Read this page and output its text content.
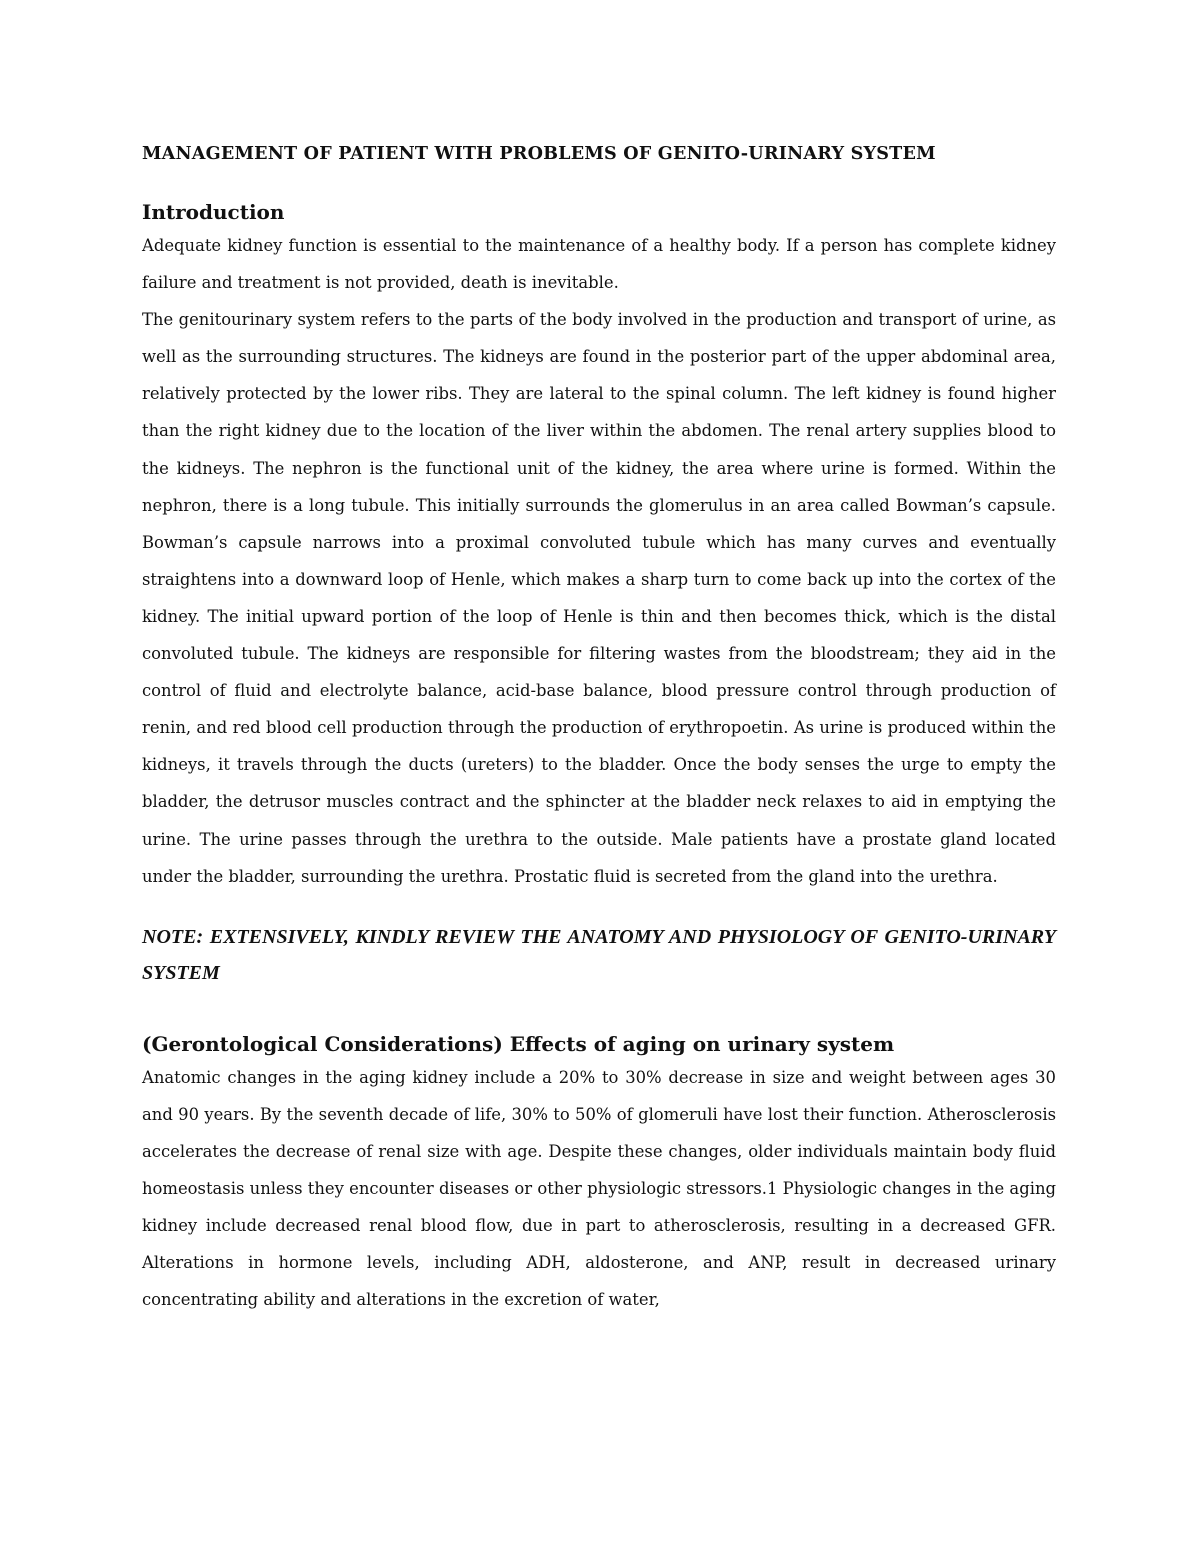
MANAGEMENT OF PATIENT WITH PROBLEMS OF GENITO-URINARY SYSTEM
Introduction

Adequate kidney function is essential to the maintenance of a healthy body. If a person has complete kidney failure and treatment is not provided, death is inevitable.

The genitourinary system refers to the parts of the body involved in the production and transport of urine, as well as the surrounding structures. The kidneys are found in the posterior part of the upper abdominal area, relatively protected by the lower ribs. They are lateral to the spinal column. The left kidney is found higher than the right kidney due to the location of the liver within the abdomen. The renal artery supplies blood to the kidneys. The nephron is the functional unit of the kidney, the area where urine is formed. Within the nephron, there is a long tubule. This initially surrounds the glomerulus in an area called Bowman’s capsule. Bowman’s capsule narrows into a proximal convoluted tubule which has many curves and eventually straightens into a downward loop of Henle, which makes a sharp turn to come back up into the cortex of the kidney. The initial upward portion of the loop of Henle is thin and then becomes thick, which is the distal convoluted tubule. The kidneys are responsible for filtering wastes from the bloodstream; they aid in the control of fluid and electrolyte balance, acid-base balance, blood pressure control through production of renin, and red blood cell production through the production of erythropoetin. As urine is produced within the kidneys, it travels through the ducts (ureters) to the bladder. Once the body senses the urge to empty the bladder, the detrusor muscles contract and the sphincter at the bladder neck relaxes to aid in emptying the urine. The urine passes through the urethra to the outside. Male patients have a prostate gland located under the bladder, surrounding the urethra. Prostatic fluid is secreted from the gland into the urethra.

NOTE: EXTENSIVELY, KINDLY REVIEW THE ANATOMY AND PHYSIOLOGY OF GENITO-URINARY SYSTEM

(Gerontological Considerations) Effects of aging on urinary system

Anatomic changes in the aging kidney include a 20% to 30% decrease in size and weight between ages 30 and 90 years. By the seventh decade of life, 30% to 50% of glomeruli have lost their function. Atherosclerosis accelerates the decrease of renal size with age. Despite these changes, older individuals maintain body fluid homeostasis unless they encounter diseases or other physiologic stressors.1 Physiologic changes in the aging kidney include decreased renal blood flow, due in part to atherosclerosis, resulting in a decreased GFR. Alterations in hormone levels, including ADH, aldosterone, and ANP, result in decreased urinary concentrating ability and alterations in the excretion of water,
